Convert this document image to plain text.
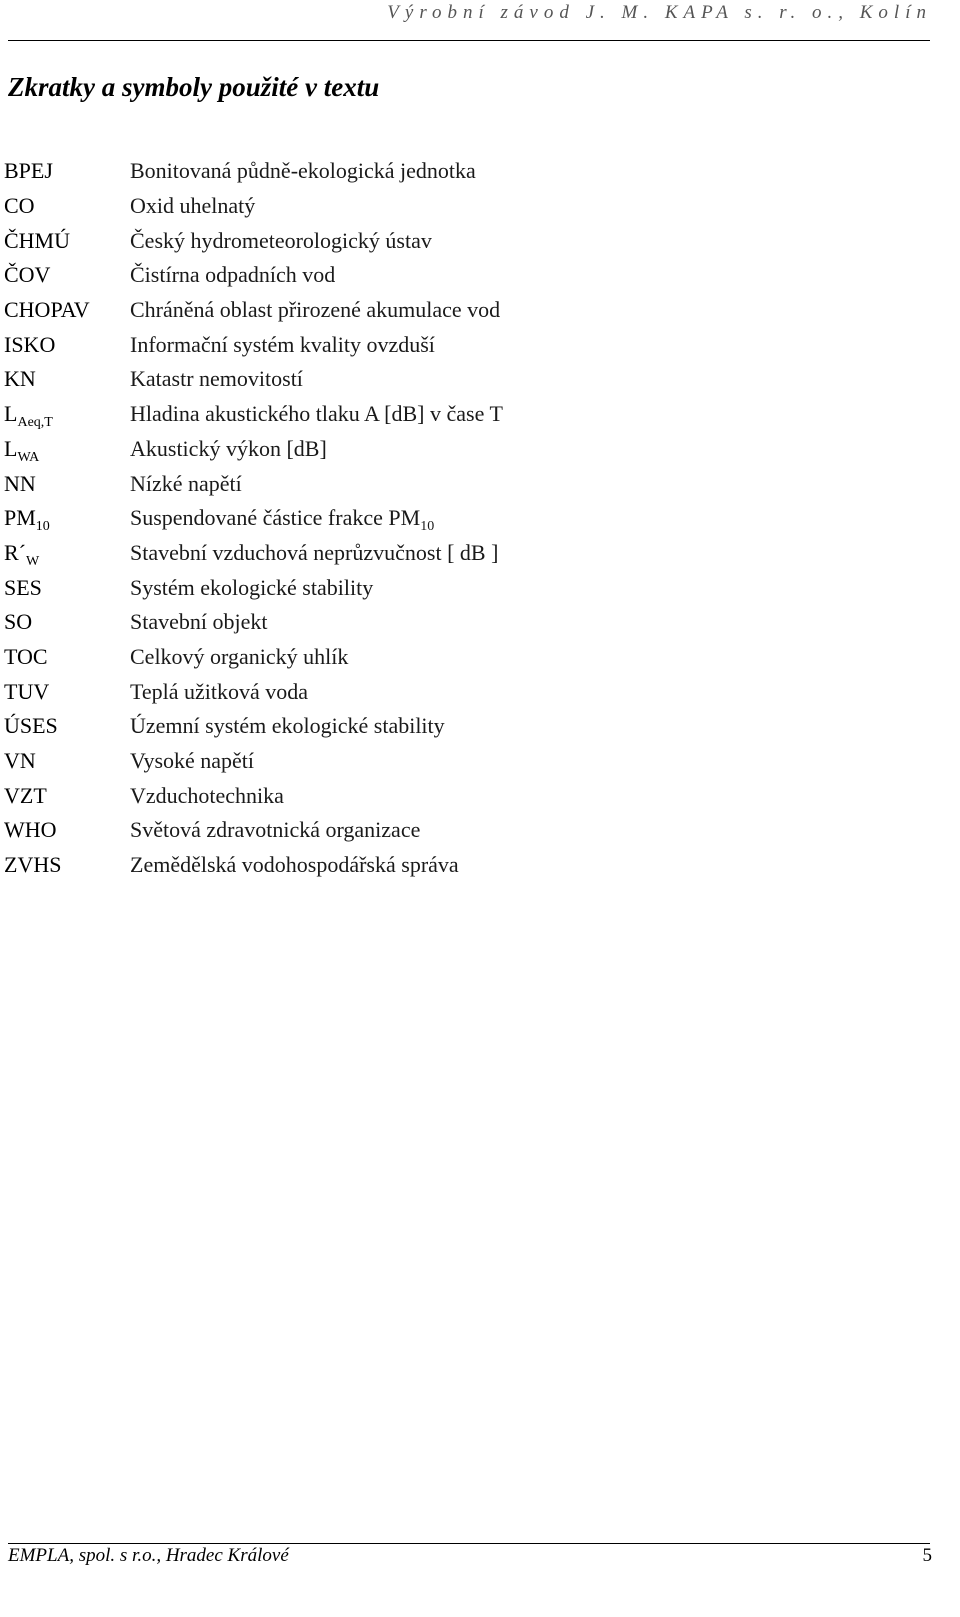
Výrobní závod J. M. KAPA s. r. o., Kolín
Zkratky a symboly použité v textu
BPEJ	Bonitovaná půdně-ekologická jednotka
CO	Oxid uhelnatý
ČHMÚ	Český hydrometeorologický ústav
ČOV	Čistírna odpadních vod
CHOPAV	Chráněná oblast přirozené akumulace vod
ISKO	Informační systém kvality ovzduší
KN	Katastr nemovitostí
$L_{Aeq,T}$	Hladina akustického tlaku A [dB] v čase T
$L_{WA}$	Akustický výkon [dB]
NN	Nízké napětí
$PM_{10}$	Suspendované částice frakce $PM_{10}$
$R´_W$	Stavební vzduchová neprůzvučnost [ dB ]
SES	Systém ekologické stability
SO	Stavební objekt
TOC	Celkový organický uhlík
TUV	Teplá užitková voda
ÚSES	Územní systém ekologické stability
VN	Vysoké napětí
VZT	Vzduchotechnika
WHO	Světová zdravotnická organizace
ZVHS	Zemědělská vodohospodářská správa
EMPLA, spol. s r.o., Hradec Králové	5
